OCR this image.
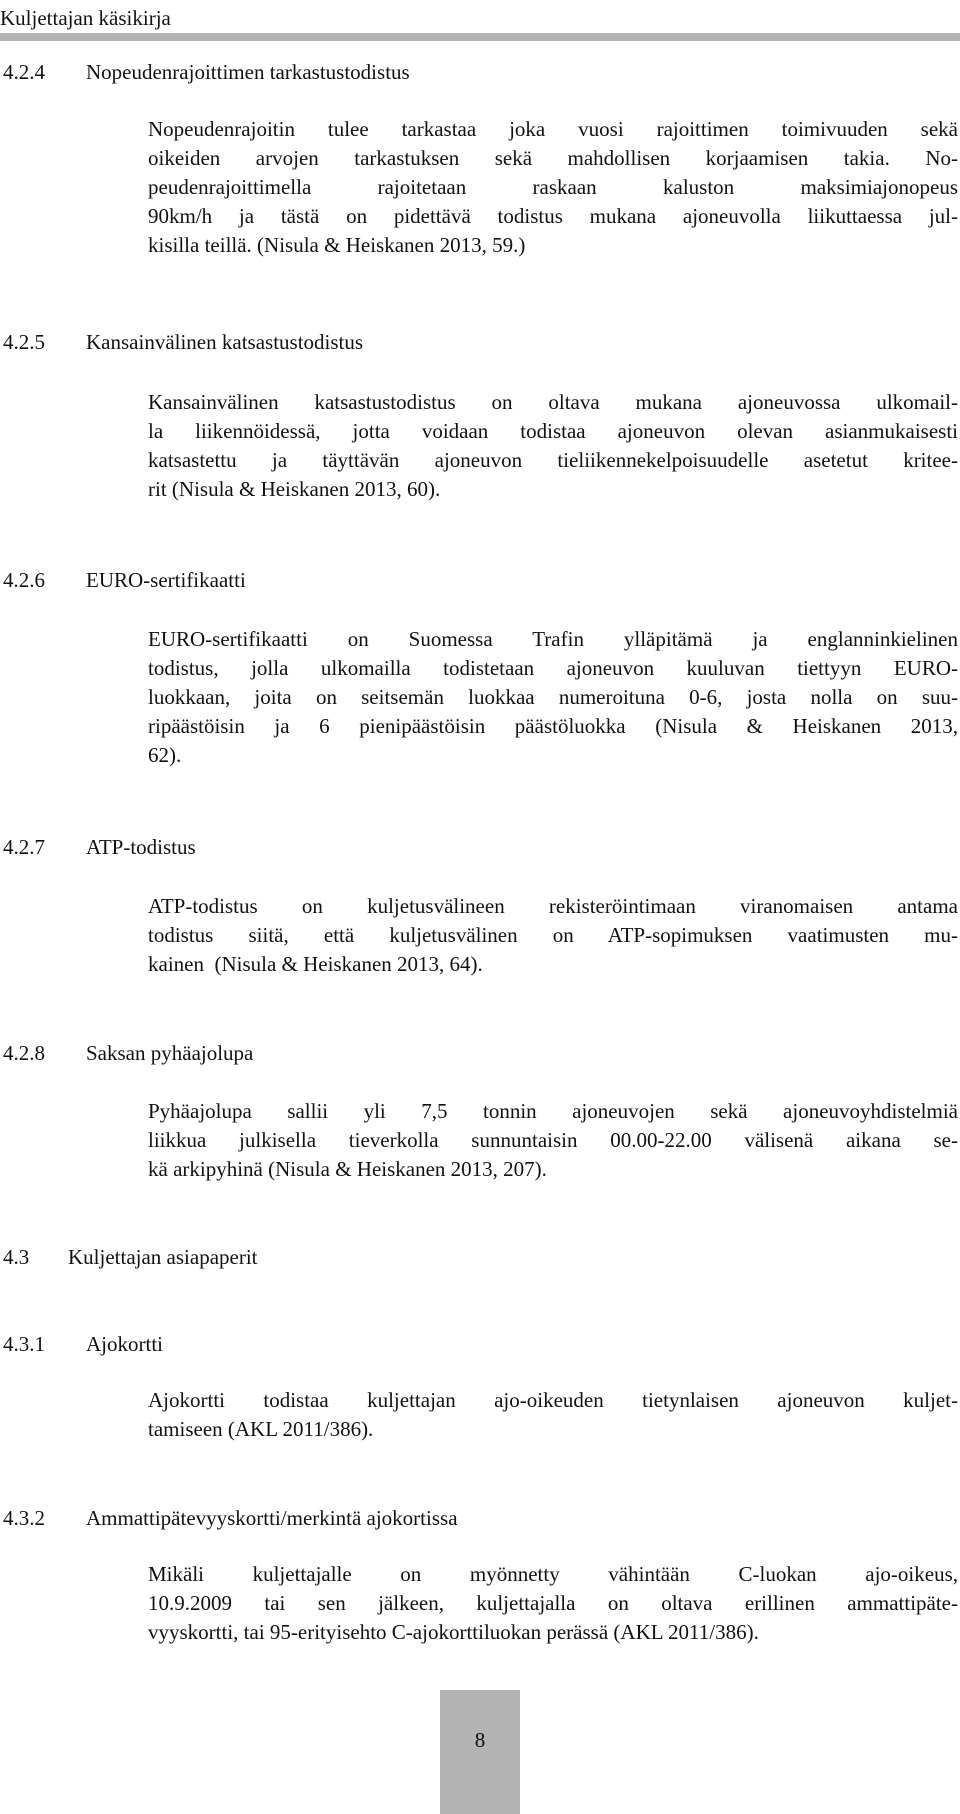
Kuljettajan käsikirja
4.2.4 Nopeudenrajoittimen tarkastustodistus
Nopeudenrajoitin tulee tarkastaa joka vuosi rajoittimen toimivuuden sekä
oikeiden arvojen tarkastuksen sekä mahdollisen korjaamisen takia. No-
peudenrajoittimella rajoitetaan raskaan kaluston maksimiajonopeus
90km/h ja tästä on pidettävä todistus mukana ajoneuvolla liikuttaessa jul-
kisilla teillä. (Nisula & Heiskanen 2013, 59.)
4.2.5 Kansainvälinen katsastustodistus
Kansainvälinen katsastustodistus on oltava mukana ajoneuvossa ulkomail-
la liikennöidessä, jotta voidaan todistaa ajoneuvon olevan asianmukaisesti
katsastettu ja täyttävän ajoneuvon tieliikennekelpoisuudelle asetetut kritee-
rit (Nisula & Heiskanen 2013, 60).
4.2.6 EURO-sertifikaatti
EURO-sertifikaatti on Suomessa Trafin ylläpitämä ja englanninkielinen
todistus, jolla ulkomailla todistetaan ajoneuvon kuuluvan tiettyyn EURO-
luokkaan, joita on seitsemän luokkaa numeroituna 0-6, josta nolla on suu-
ripäästöisin ja 6 pienipäästöisin päästöluokka (Nisula & Heiskanen 2013,
62).
4.2.7 ATP-todistus
ATP-todistus on kuljetusvälineen rekisteröintimaan viranomaisen antama
todistus siitä, että kuljetusvälinen on ATP-sopimuksen vaatimusten mu-
kainen  (Nisula & Heiskanen 2013, 64).
4.2.8 Saksan pyhäajolupa
Pyhäajolupa sallii yli 7,5 tonnin ajoneuvojen sekä ajoneuvoyhdistelmiä
liikkua julkisella tieverkolla sunnuntaisin 00.00-22.00 välisenä aikana se-
kä arkipyhinä (Nisula & Heiskanen 2013, 207).
4.3 Kuljettajan asiapaperit
4.3.1 Ajokortti
Ajokortti todistaa kuljettajan ajo-oikeuden tietynlaisen ajoneuvon kuljet-
tamiseen (AKL 2011/386).
4.3.2 Ammattipätevyyskortti/merkintä ajokortissa
Mikäli kuljettajalle on myönnetty vähintään C-luokan ajo-oikeus,
10.9.2009 tai sen jälkeen, kuljettajalla on oltava erillinen ammattipäte-
vyyskortti, tai 95-erityisehto C-ajokorttiluokan perässä (AKL 2011/386).
8
